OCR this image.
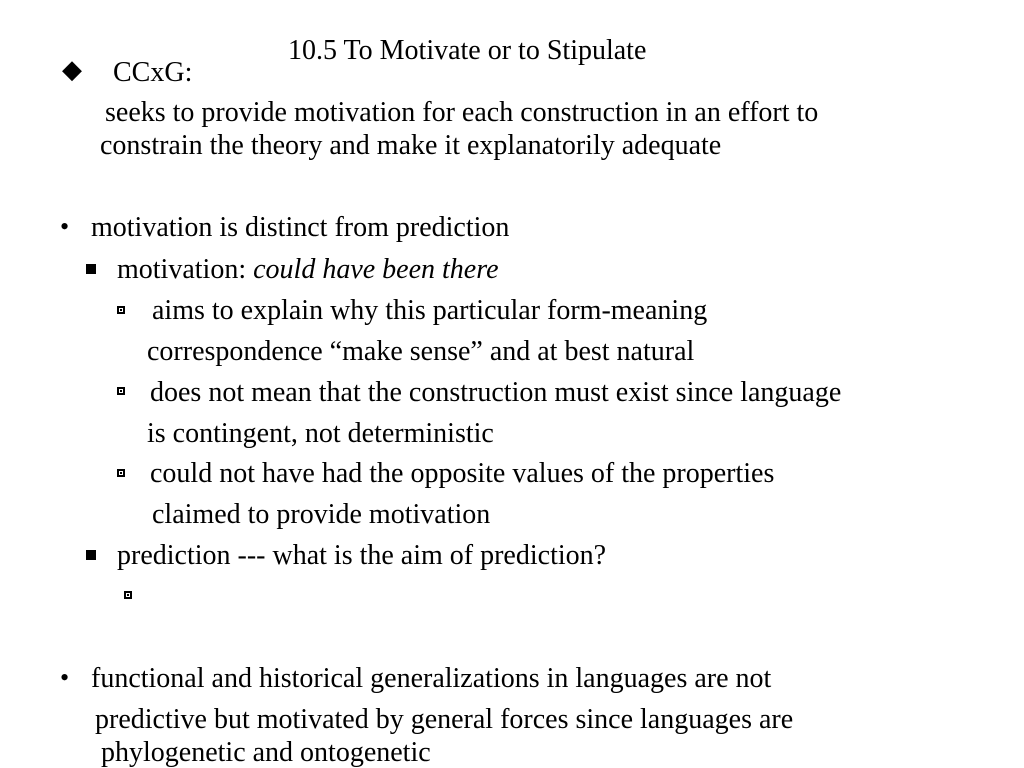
10.5 To Motivate or to Stipulate
◆ CCxG:
seeks to provide motivation for each construction in an effort to
constrain the theory and make it explanatorily adequate
• motivation is distinct from prediction
motivation: could have been there
aims to explain why this particular form-meaning
correspondence “make sense” and at best natural
does not mean that the construction must exist since language
is contingent, not deterministic
could not have had the opposite values of the properties
claimed to provide motivation
prediction --- what is the aim of prediction?
• functional and historical generalizations in languages are not
predictive but motivated by general forces since languages are
phylogenetic and ontogenetic
